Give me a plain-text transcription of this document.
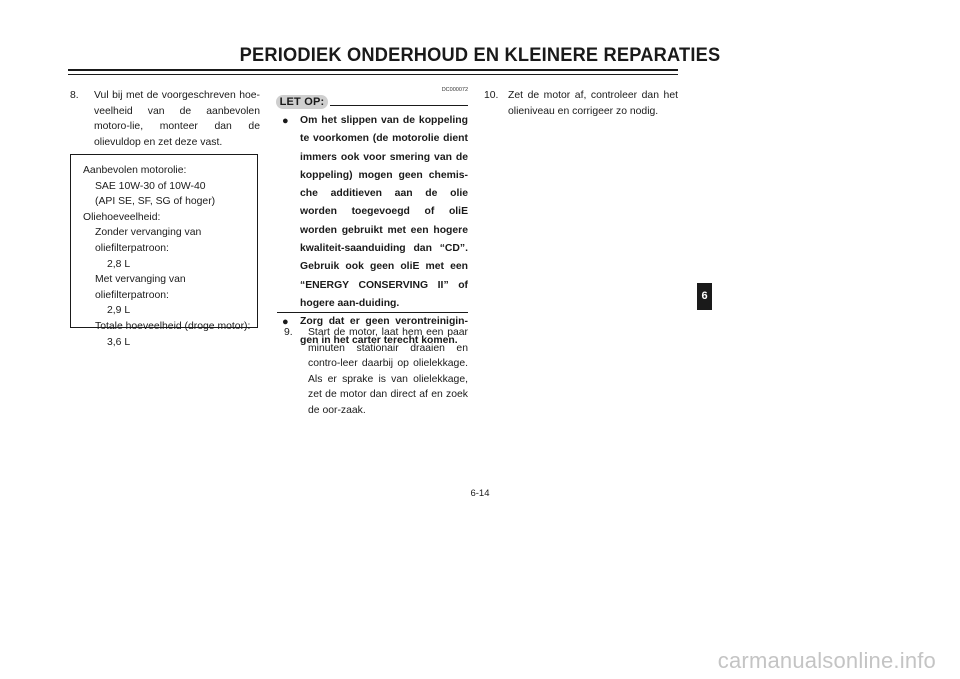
PERIODIEK ONDERHOUD EN KLEINERE REPARATIES
8. Vul bij met de voorgeschreven hoe-veelheid van de aanbevolen motoro-lie, monteer dan de olievuldop en zet deze vast.
Aanbevolen motorolie:
SAE 10W-30 of 10W-40
(API SE, SF, SG of hoger)
Oliehoeveelheid:
Zonder vervanging van
oliefilterpatroon:
2,8 L
Met vervanging van
oliefilterpatroon:
2,9 L
Totale hoeveelheid (droge motor):
3,6 L
DC000072
LET OP:
● Om het slippen van de koppeling te voorkomen (de motorolie dient immers ook voor smering van de koppeling) mogen geen chemis-che additieven aan de olie worden toegevoegd of oliE worden gebruikt met een hogere kwaliteit-saanduiding dan “CD”. Gebruik ook geen oliE met een “ENERGY CONSERVING II” of hogere aan-duiding.
● Zorg dat er geen verontreinigin-gen in het carter terecht komen.
9. Start de motor, laat hem een paar minuten stationair draaien en contro-leer daarbij op olielekkage. Als er sprake is van olielekkage, zet de motor dan direct af en zoek de oor-zaak.
10. Zet de motor af, controleer dan het olieniveau en corrigeer zo nodig.
6
6-14
carmanualsonline.info
